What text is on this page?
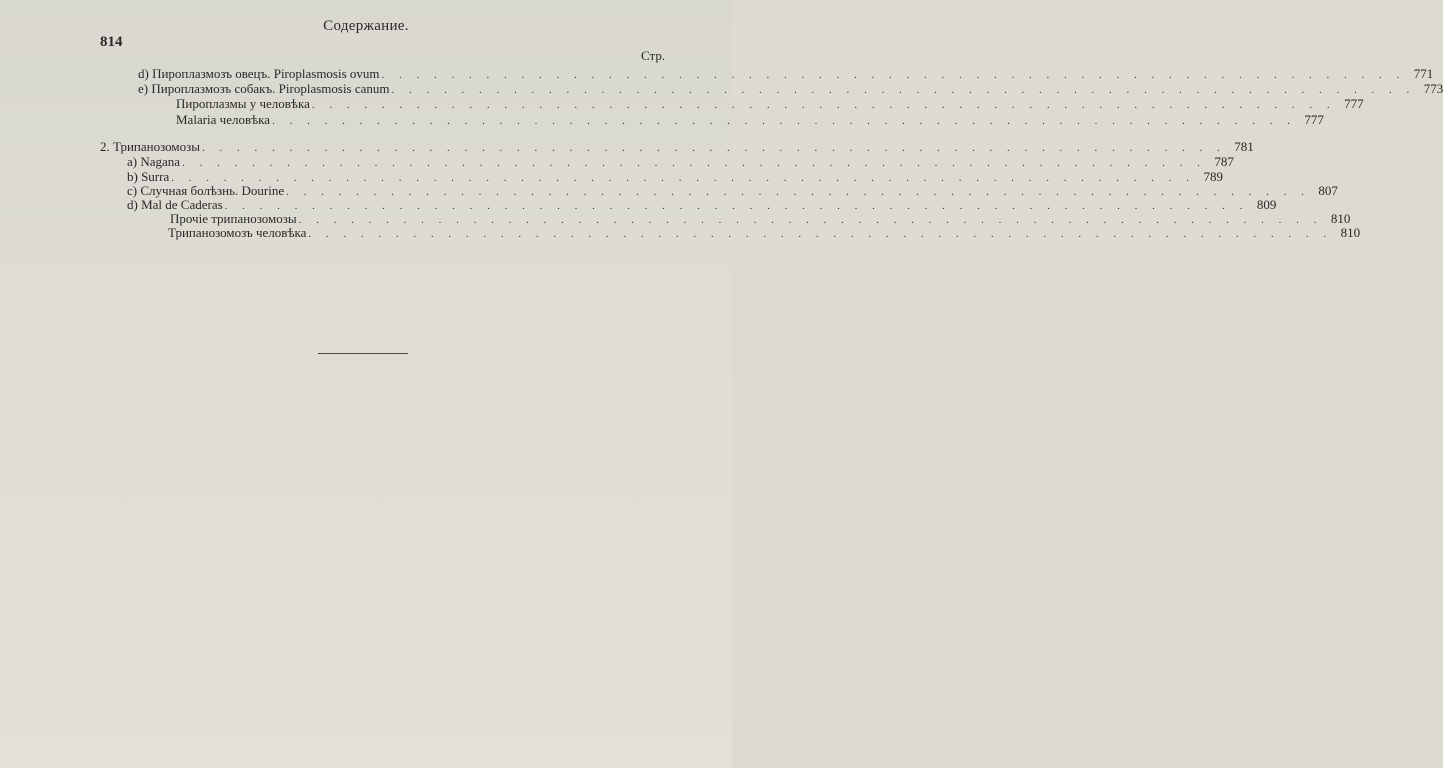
Содержание.
814
Стр.
d) Пироплазмозъ овецъ. Piroplasmosis ovum . . . . . . . . . . . . . . . . . . . . . . . . . . . . . . . . . . . . . . . . . . . . . . . . . . . . . . . . . . . 771
e) Пироплазмозъ собакъ. Piroplasmosis canum . . . . . . . . . . . . . . . . . . . . . . . . . . . . . . . . . . . . . . . . . . . . . . . . . . . . . . . . . . . 773
Пироплазмы у человѣка . . . . . . . . . . . . . . . . . . . . . . . . . . . . . . . . . . . . . . . . . . . . . . . . . . . . . . . . . . . 777
Malaria человѣка . . . . . . . . . . . . . . . . . . . . . . . . . . . . . . . . . . . . . . . . . . . . . . . . . . . . . . . . . . . 777
2. Трипанозомозы . . . . . . . . . . . . . . . . . . . . . . . . . . . . . . . . . . . . . . . . . . . . . . . . . . . . . . . . . . . 781
a) Nagana . . . . . . . . . . . . . . . . . . . . . . . . . . . . . . . . . . . . . . . . . . . . . . . . . . . . . . . . . . . 787
b) Surra . . . . . . . . . . . . . . . . . . . . . . . . . . . . . . . . . . . . . . . . . . . . . . . . . . . . . . . . . . . 789
c) Случная болѣзнь. Dourine . . . . . . . . . . . . . . . . . . . . . . . . . . . . . . . . . . . . . . . . . . . . . . . . . . . . . . . . . . . 807
d) Mal de Caderas . . . . . . . . . . . . . . . . . . . . . . . . . . . . . . . . . . . . . . . . . . . . . . . . . . . . . . . . . . . 809
Прочіе трипанозомозы . . . . . . . . . . . . . . . . . . . . . . . . . . . . . . . . . . . . . . . . . . . . . . . . . . . . . . . . . . . 810
Трипанозомозъ человѣка . . . . . . . . . . . . . . . . . . . . . . . . . . . . . . . . . . . . . . . . . . . . . . . . . . . . . . . . . . . 810
